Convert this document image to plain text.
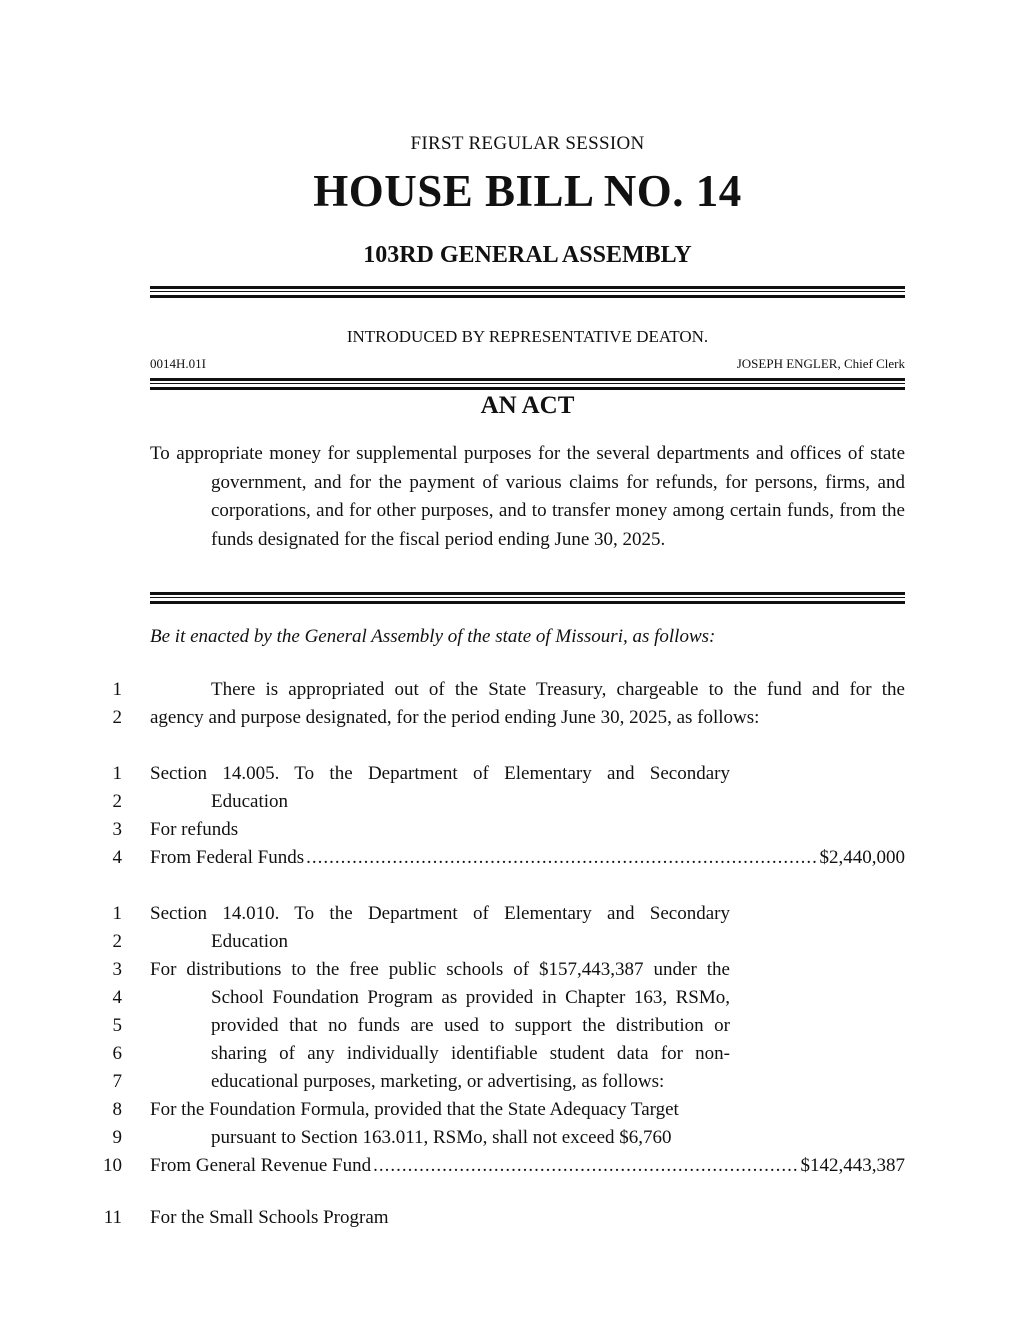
FIRST REGULAR SESSION
HOUSE BILL NO. 14
103RD GENERAL ASSEMBLY
INTRODUCED BY REPRESENTATIVE DEATON.
0014H.01I	JOSEPH ENGLER, Chief Clerk
AN ACT

To appropriate money for supplemental purposes for the several departments and offices of state government, and for the payment of various claims for refunds, for persons, firms, and corporations, and for other purposes, and to transfer money among certain funds, from the funds designated for the fiscal period ending June 30, 2025.

Be it enacted by the General Assembly of the state of Missouri, as follows:
1	There is appropriated out of the State Treasury, chargeable to the fund and for the
2 agency and purpose designated, for the period ending June 30, 2025, as follows:
1 Section 14.005. To the Department of Elementary and Secondary
2	Education
3 For refunds
4 From Federal Funds .....	$2,440,000
1 Section 14.010. To the Department of Elementary and Secondary
2	Education
3 For distributions to the free public schools of $157,443,387 under the
4	School Foundation Program as provided in Chapter 163, RSMo,
5	provided that no funds are used to support the distribution or
6	sharing of any individually identifiable student data for non-
7	educational purposes, marketing, or advertising, as follows:
8 For the Foundation Formula, provided that the State Adequacy Target
9	pursuant to Section 163.011, RSMo, shall not exceed $6,760
10 From General Revenue Fund .....	$142,443,387
11 For the Small Schools Program
